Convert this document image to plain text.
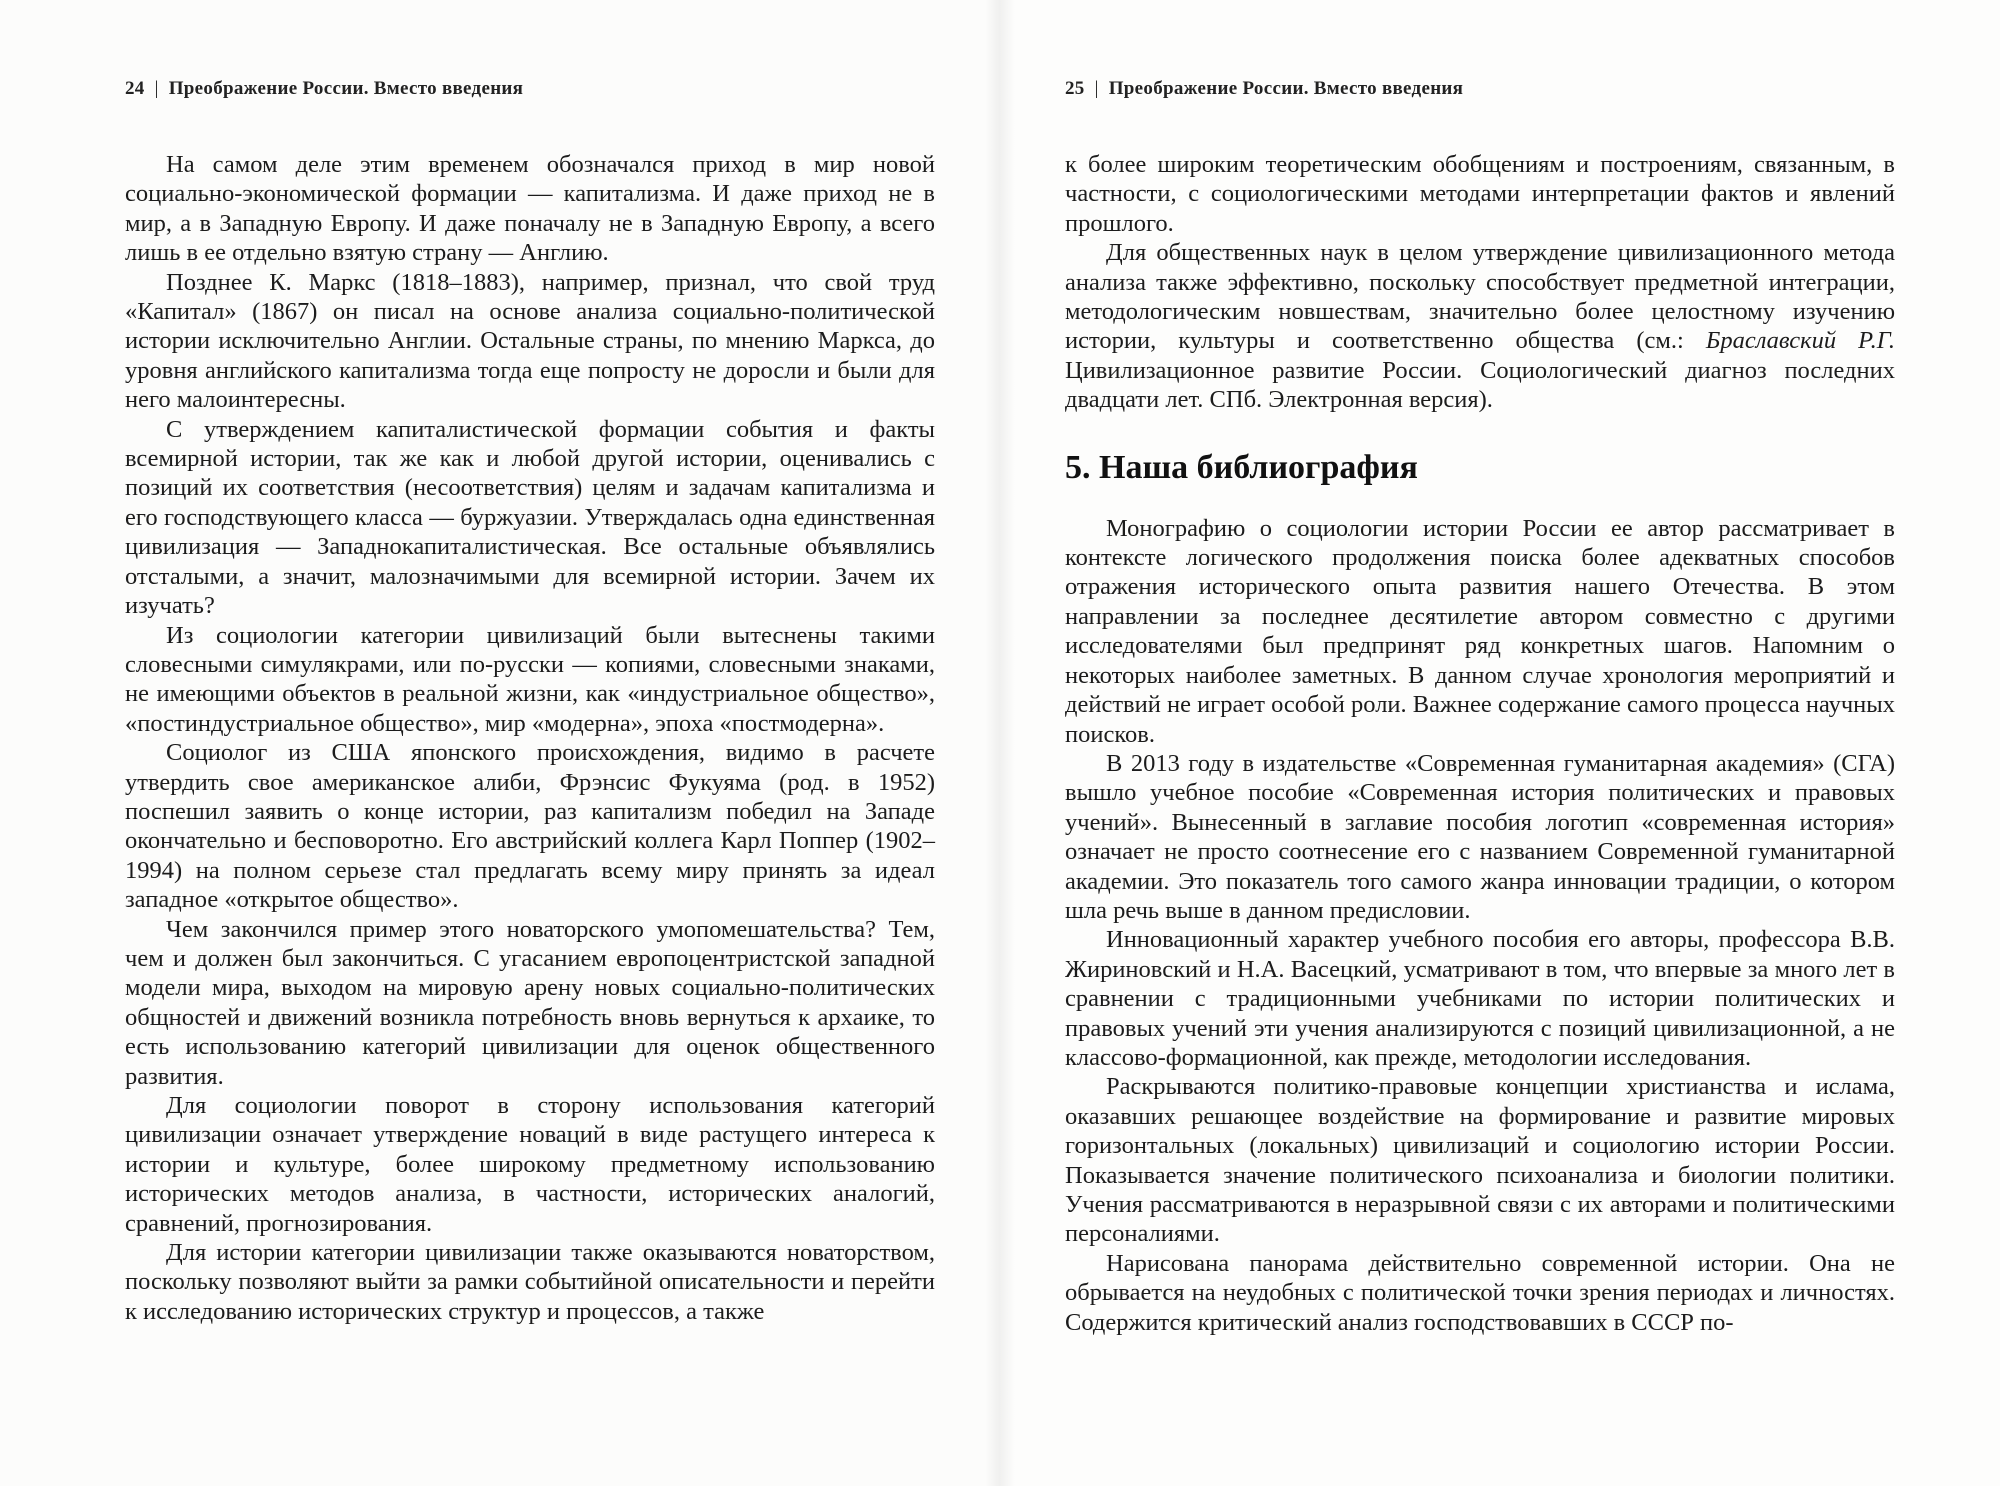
24 | Преображение России. Вместо введения

На самом деле этим временем обозначался приход в мир новой социально-экономической формации — капитализма. И даже приход не в мир, а в Западную Европу. И даже поначалу не в Западную Европу, а всего лишь в ее отдельно взятую страну — Англию.

Позднее К. Маркс (1818–1883), например, признал, что свой труд «Капитал» (1867) он писал на основе анализа социально-политической истории исключительно Англии. Остальные страны, по мнению Маркса, до уровня английского капитализма тогда еще попросту не доросли и были для него малоинтересны.

С утверждением капиталистической формации события и факты всемирной истории, так же как и любой другой истории, оценивались с позиций их соответствия (несоответствия) целям и задачам капитализма и его господствующего класса — буржуазии. Утверждалась одна единственная цивилизация — Западнокапиталистическая. Все остальные объявлялись отсталыми, а значит, малозначимыми для всемирной истории. Зачем их изучать?

Из социологии категории цивилизаций были вытеснены такими словесными симулякрами, или по-русски — копиями, словесными знаками, не имеющими объектов в реальной жизни, как «индустриальное общество», «постиндустриальное общество», мир «модерна», эпоха «постмодерна».

Социолог из США японского происхождения, видимо в расчете утвердить свое американское алиби, Фрэнсис Фукуяма (род. в 1952) поспешил заявить о конце истории, раз капитализм победил на Западе окончательно и бесповоротно. Его австрийский коллега Карл Поппер (1902–1994) на полном серьезе стал предлагать всему миру принять за идеал западное «открытое общество».

Чем закончился пример этого новаторского умопомешательства? Тем, чем и должен был закончиться. С угасанием европоцентристской западной модели мира, выходом на мировую арену новых социально-политических общностей и движений возникла потребность вновь вернуться к архаике, то есть использованию категорий цивилизации для оценок общественного развития.

Для социологии поворот в сторону использования категорий цивилизации означает утверждение новаций в виде растущего интереса к истории и культуре, более широкому предметному использованию исторических методов анализа, в частности, исторических аналогий, сравнений, прогнозирования.

Для истории категории цивилизации также оказываются новаторством, поскольку позволяют выйти за рамки событийной описательности и перейти к исследованию исторических структур и процессов, а также

25 | Преображение России. Вместо введения

к более широким теоретическим обобщениям и построениям, связанным, в частности, с социологическими методами интерпретации фактов и явлений прошлого.

Для общественных наук в целом утверждение цивилизационного метода анализа также эффективно, поскольку способствует предметной интеграции, методологическим новшествам, значительно более целостному изучению истории, культуры и соответственно общества (см.: Браславский Р.Г. Цивилизационное развитие России. Социологический диагноз последних двадцати лет. СПб. Электронная версия).

5. Наша библиография

Монографию о социологии истории России ее автор рассматривает в контексте логического продолжения поиска более адекватных способов отражения исторического опыта развития нашего Отечества. В этом направлении за последнее десятилетие автором совместно с другими исследователями был предпринят ряд конкретных шагов. Напомним о некоторых наиболее заметных. В данном случае хронология мероприятий и действий не играет особой роли. Важнее содержание самого процесса научных поисков.

В 2013 году в издательстве «Современная гуманитарная академия» (СГА) вышло учебное пособие «Современная история политических и правовых учений». Вынесенный в заглавие пособия логотип «современная история» означает не просто соотнесение его с названием Современной гуманитарной академии. Это показатель того самого жанра инновации традиции, о котором шла речь выше в данном предисловии.

Инновационный характер учебного пособия его авторы, профессора В.В. Жириновский и Н.А. Васецкий, усматривают в том, что впервые за много лет в сравнении с традиционными учебниками по истории политических и правовых учений эти учения анализируются с позиций цивилизационной, а не классово-формационной, как прежде, методологии исследования.

Раскрываются политико-правовые концепции христианства и ислама, оказавших решающее воздействие на формирование и развитие мировых горизонтальных (локальных) цивилизаций и социологию истории России. Показывается значение политического психоанализа и биологии политики. Учения рассматриваются в неразрывной связи с их авторами и политическими персоналиями.

Нарисована панорама действительно современной истории. Она не обрывается на неудобных с политической точки зрения периодах и личностях. Содержится критический анализ господствовавших в СССР по-
